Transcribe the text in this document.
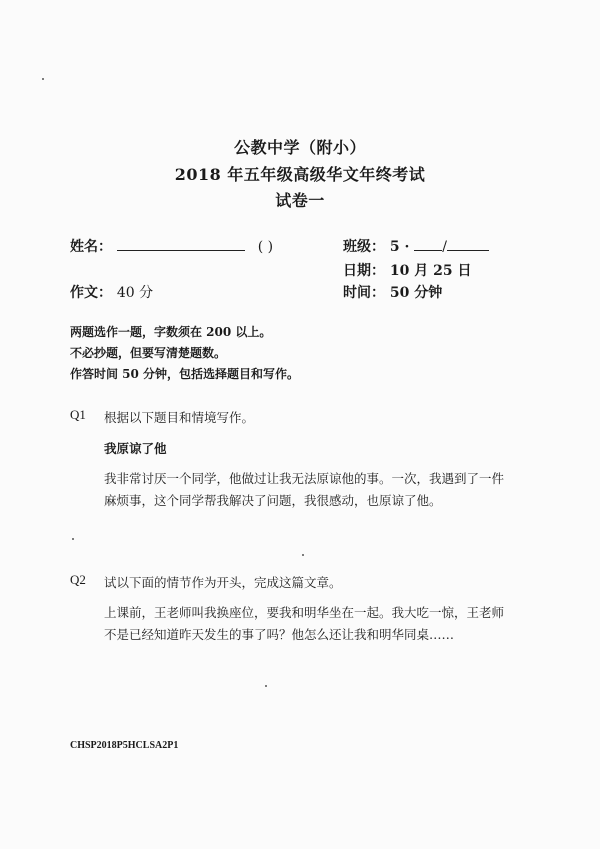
公教中学（附小）
2018 年五年级高级华文年终考试
试卷一
姓名：	( )	班级： 5 · /
日期： 10 月 25 日
作文： 40 分	时间： 50 分钟
两题选作一题，字数须在 200 以上。
不必抄题，但要写清楚题数。
作答时间 50 分钟，包括选择题目和写作。
Q1 根据以下题目和情境写作。
我原谅了他
我非常讨厌一个同学，他做过让我无法原谅他的事。一次，我遇到了一件麻烦事，这个同学帮我解决了问题，我很感动，也原谅了他。
Q2 试以下面的情节作为开头，完成这篇文章。
上课前，王老师叫我换座位，要我和明华坐在一起。我大吃一惊，王老师不是已经知道昨天发生的事了吗？他怎么还让我和明华同桌……
CHSP2018P5HCLSA2P1
